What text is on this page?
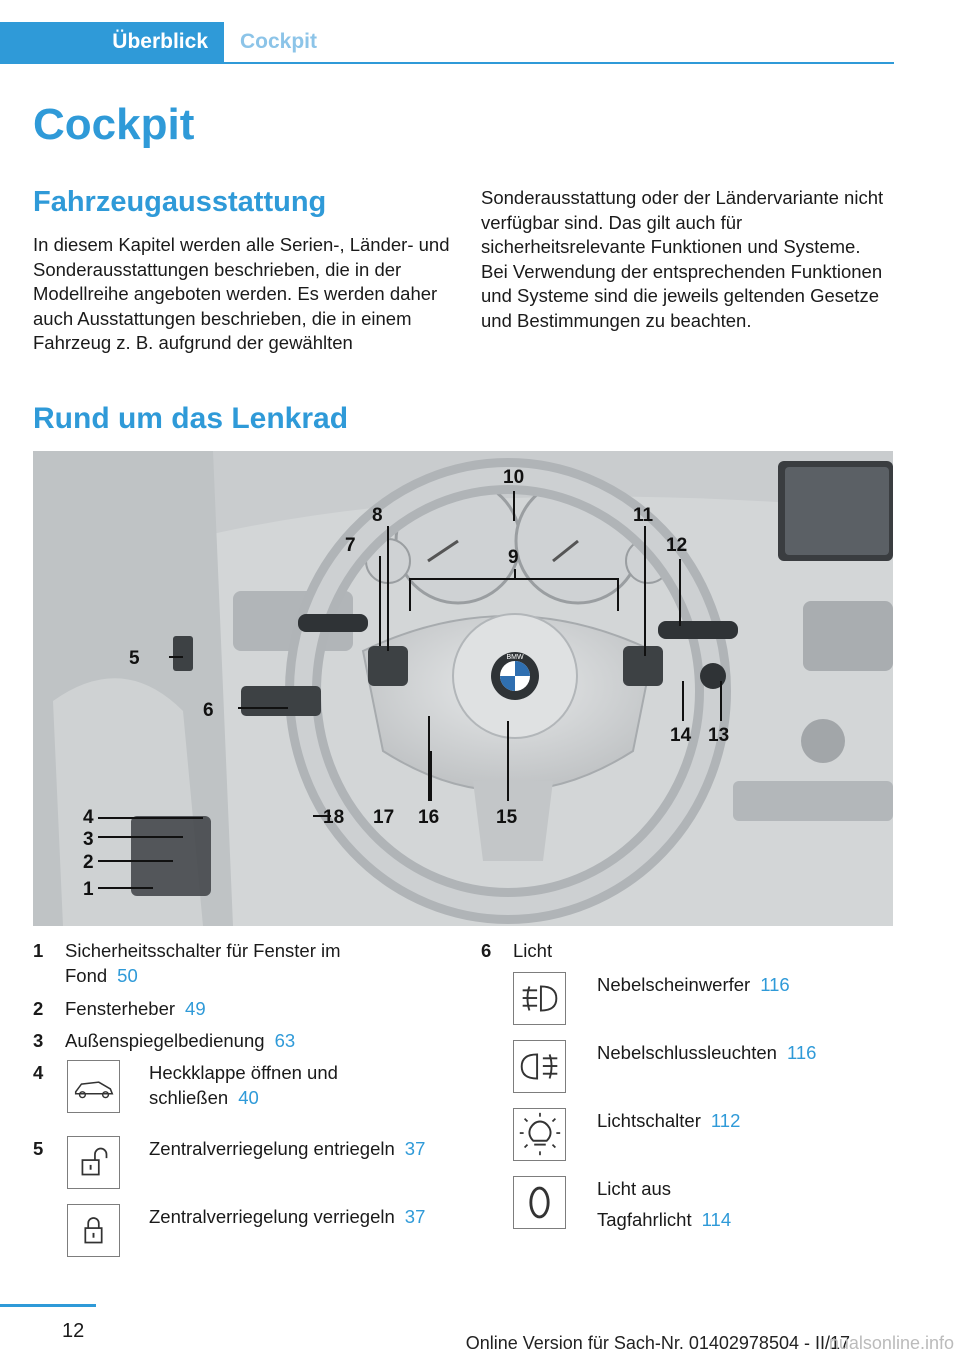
Überblick	Cockpit
Cockpit
Fahrzeugausstattung

In diesem Kapitel werden alle Serien-, Länder- und Sonderausstattungen beschrieben, die in der Modellreihe angeboten werden. Es werden daher auch Ausstattungen beschrieben, die in einem Fahrzeug z. B. aufgrund der gewählten

Sonderausstattung oder der Ländervariante nicht verfügbar sind. Das gilt auch für sicherheitsrelevante Funktionen und Systeme. Bei Verwendung der entsprechenden Funktionen und Systeme sind die jeweils geltenden Gesetze und Bestimmungen zu beachten.

Rund um das Lenkrad
BMW
10
8
7
9
11
12
5
6
14 13
18 17 16	15
4
3
2
1
1 Sicherheitsschalter für Fenster im Fond 50
2 Fensterheber 49
3 Außenspiegelbedienung 63
4	Heckklappe öffnen und schließen 40
5	Zentralverriegelung entriegeln 37
Zentralverriegelung verriegeln 37
6 Licht
Nebelscheinwerfer 116
Nebelschlussleuchten 116
Lichtschalter 112
Licht aus
Tagfahrlicht 114
12
Online Version für Sach-Nr. 01402978504 - II/17
nualsonline.info
